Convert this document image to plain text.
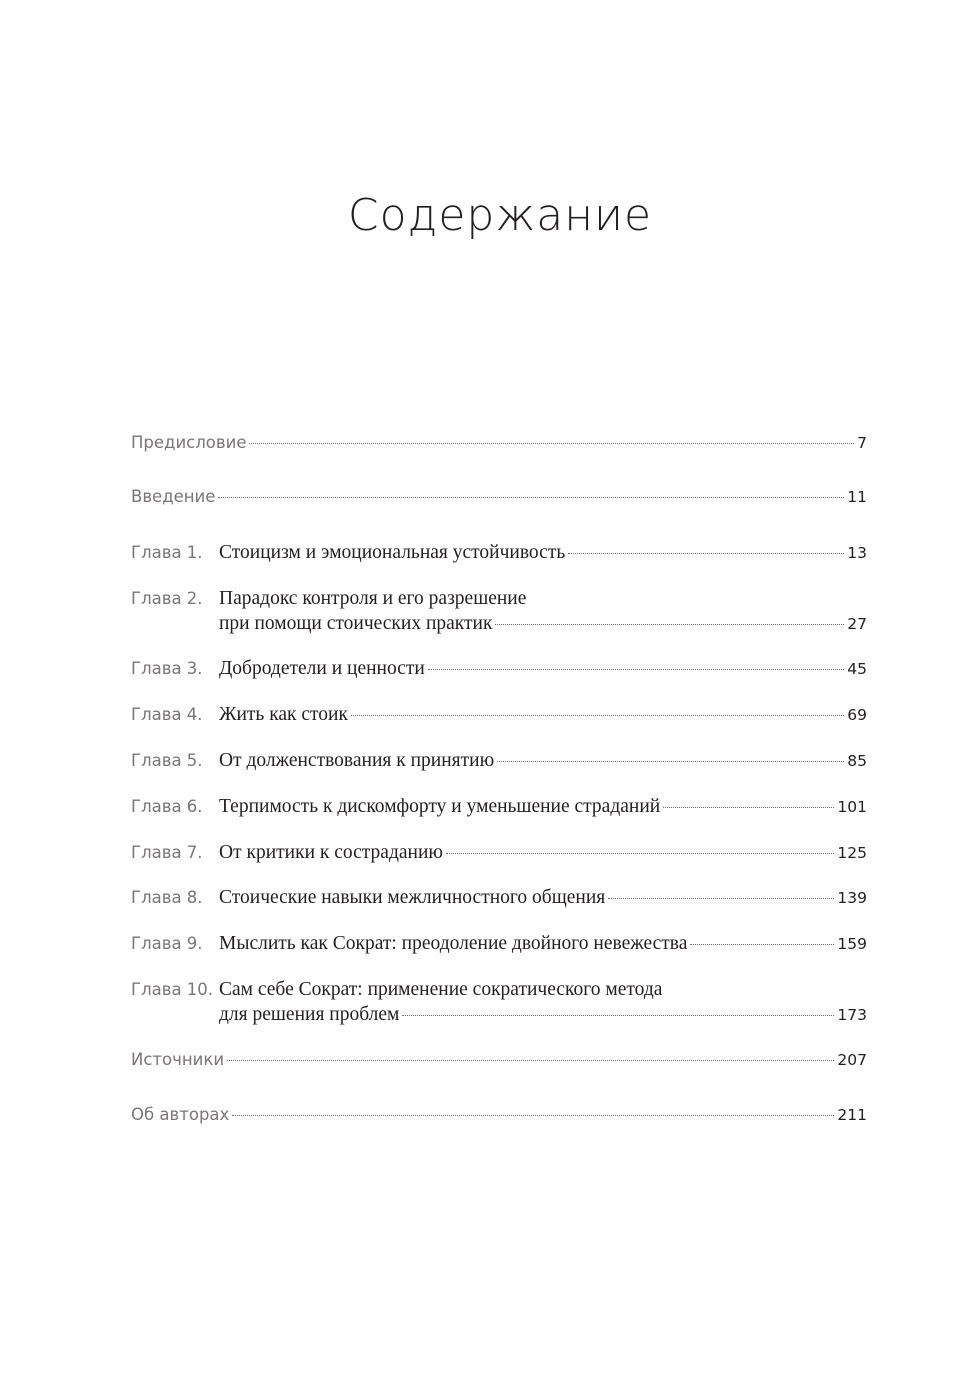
Содержание
Предисловие	7
Введение	11
Глава 1. Стоицизм и эмоциональная устойчивость	13
Глава 2. Парадокс контроля и его разрешение
при помощи стоических практик	27
Глава 3. Добродетели и ценности	45
Глава 4. Жить как стоик	69
Глава 5. От долженствования к принятию	85
Глава 6. Терпимость к дискомфорту и уменьшение страданий	101
Глава 7. От критики к состраданию	125
Глава 8. Стоические навыки межличностного общения	139
Глава 9. Мыслить как Сократ: преодоление двойного невежества	159
Глава 10. Сам себе Сократ: применение сократического метода
для решения проблем	173
Источники	207
Об авторах	211
